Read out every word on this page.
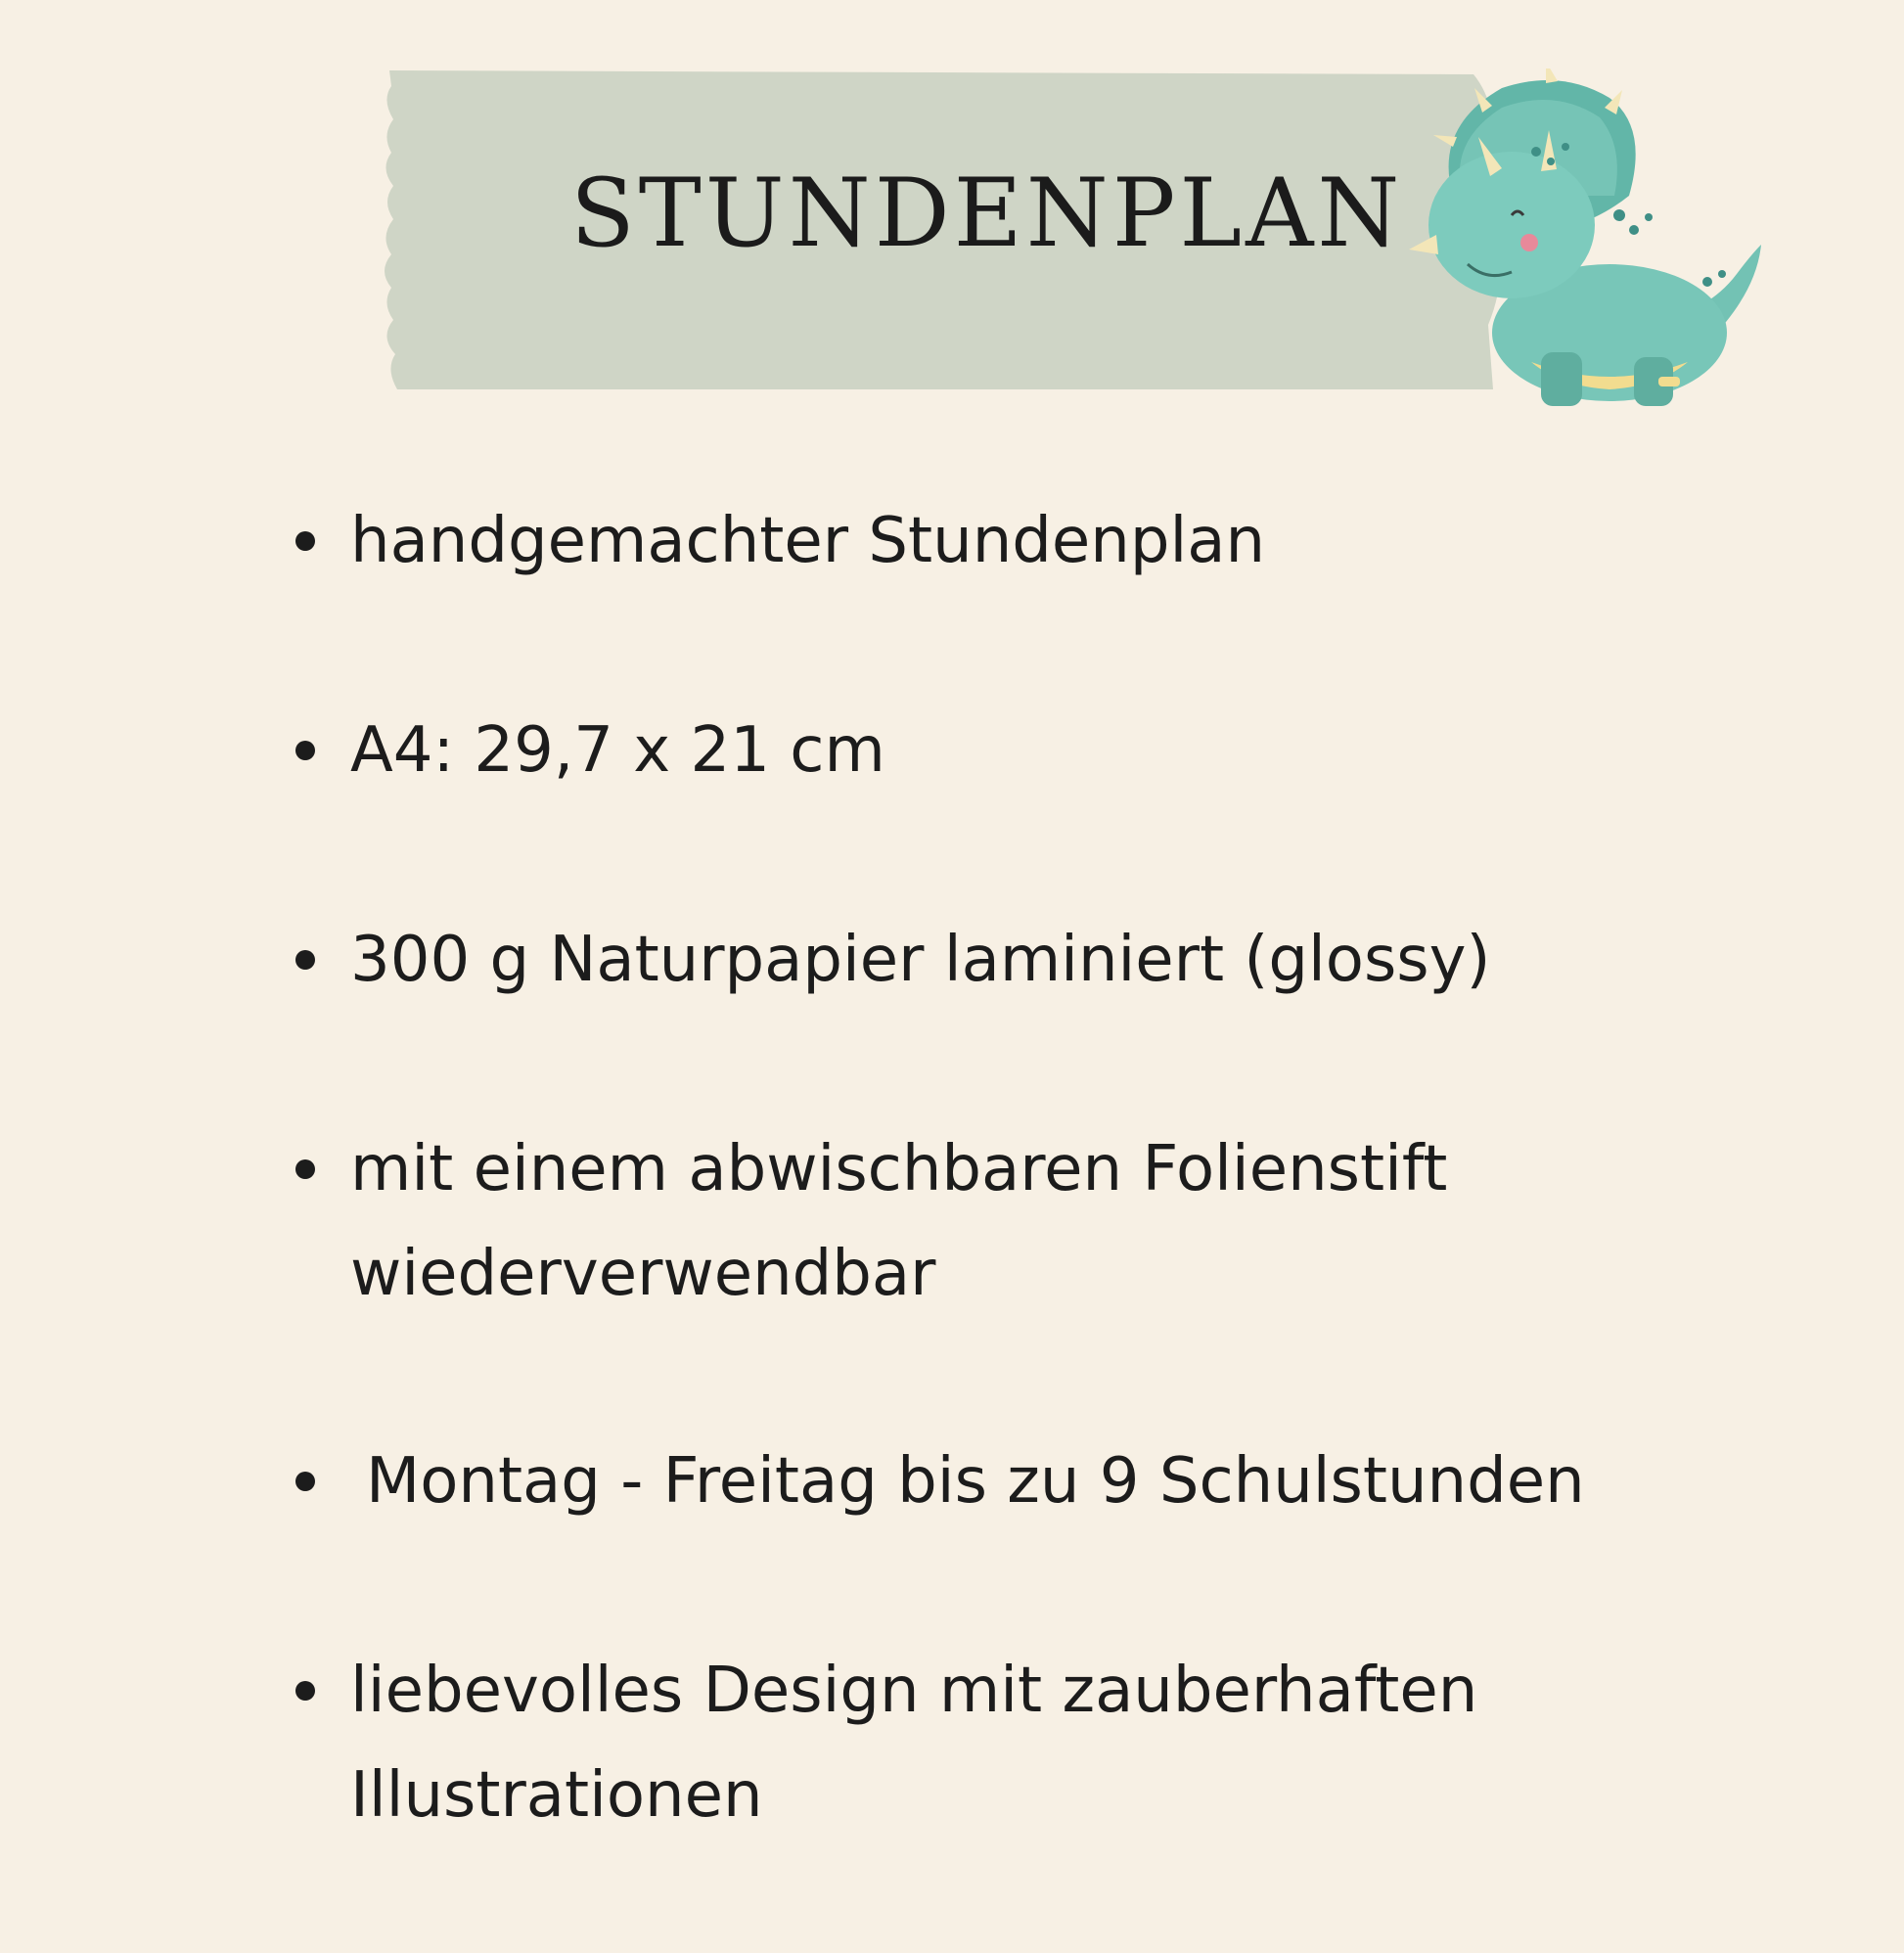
STUNDENPLAN
handgemachter Stundenplan
A4: 29,7 x 21 cm
300 g Naturpapier laminiert (glossy)
mit einem abwischbaren Folienstift wiederverwendbar
Montag - Freitag bis zu 9 Schulstunden
liebevolles Design mit zauberhaften Illustrationen
